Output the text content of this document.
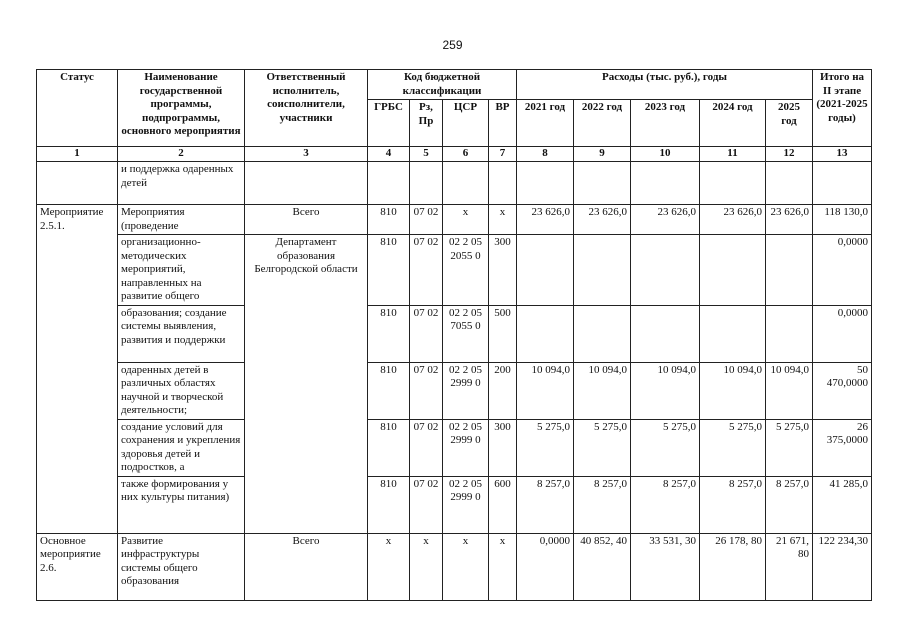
259
Статус	Наименование государственной программы, подпрограммы, основного мероприятия	Ответственный исполнитель, соисполнители, участники	Код бюджетной классификации				Расходы (тыс. руб.), годы					Итого на II этапе (2021-2025 годы)
			ГРБС	Рз, Пр	ЦСР	ВР	2021 год	2022 год	2023 год	2024 год	2025 год	
1	2	3	4	5	6	7	8	9	10	11	12	13
	и поддержка одаренных детей											
Мероприятие 2.5.1.	Мероприятия (проведение	Всего	810	07 02	х	х	23 626,0	23 626,0	23 626,0	23 626,0	23 626,0	118 130,0
	организационно-методических мероприятий, направленных на развитие общего	Департамент образования Белгородской области	810	07 02	02 2 05 2055 0	300						0,0000
	образования; создание системы выявления, развития и поддержки		810	07 02	02 2 05 7055 0	500						0,0000
	одаренных детей в различных областях научной и творческой деятельности;		810	07 02	02 2 05 2999 0	200	10 094,0	10 094,0	10 094,0	10 094,0	10 094,0	50 470,0000
	создание условий для сохранения и укрепления здоровья детей и подростков, а		810	07 02	02 2 05 2999 0	300	5 275,0	5 275,0	5 275,0	5 275,0	5 275,0	26 375,0000
	также формирования у них культуры питания)		810	07 02	02 2 05 2999 0	600	8 257,0	8 257,0	8 257,0	8 257,0	8 257,0	41 285,0
Основное мероприятие 2.6.	Развитие инфраструктуры системы общего образования	Всего	х	х	х	х	0,0000	40 852, 40	33 531, 30	26 178, 80	21 671, 80	122 234,30
